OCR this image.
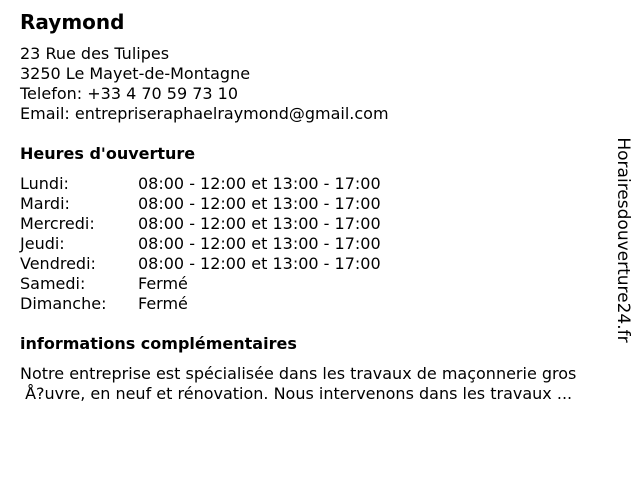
Raymond
23 Rue des Tulipes
3250 Le Mayet-de-Montagne
Telefon: +33 4 70 59 73 10
Email: entrepriseraphaelraymond@gmail.com
Heures d'ouverture
Lundi:	08:00 - 12:00 et 13:00 - 17:00
Mardi:	08:00 - 12:00 et 13:00 - 17:00
Mercredi:	08:00 - 12:00 et 13:00 - 17:00
Jeudi:	08:00 - 12:00 et 13:00 - 17:00
Vendredi:	08:00 - 12:00 et 13:00 - 17:00
Samedi:	Fermé
Dimanche:	Fermé
informations complémentaires
Notre entreprise est spécialisée dans les travaux de maçonnerie gros
Å?uvre, en neuf et rénovation. Nous intervenons dans les travaux ...
Horairesdouverture24.fr
